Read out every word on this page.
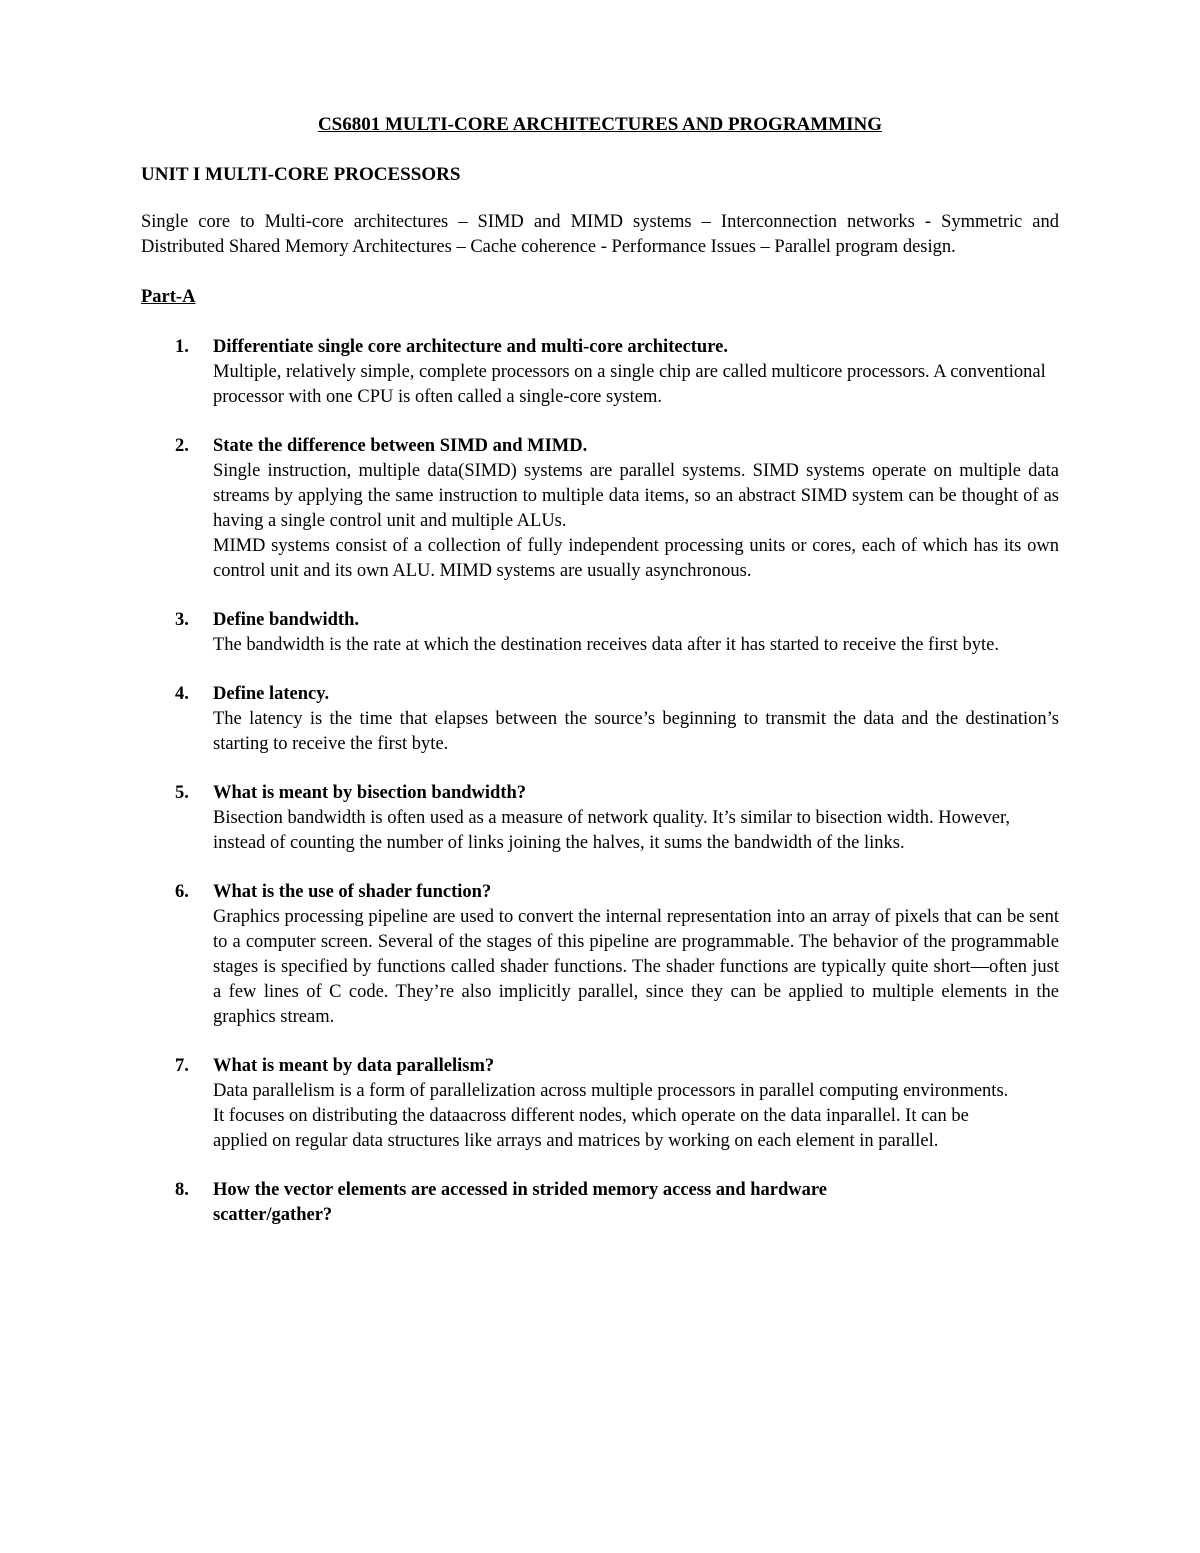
CS6801 MULTI-CORE ARCHITECTURES AND PROGRAMMING
UNIT I MULTI-CORE PROCESSORS

Single core to Multi-core architectures – SIMD and MIMD systems – Interconnection networks - Symmetric and Distributed Shared Memory Architectures – Cache coherence - Performance Issues – Parallel program design.

Part-A
1. Differentiate single core architecture and multi-core architecture.

Multiple, relatively simple, complete processors on a single chip are called multicore processors. A conventional processor with one CPU is often called a single-core system.

2. State the difference between SIMD and MIMD.

Single instruction, multiple data(SIMD) systems are parallel systems. SIMD systems operate on multiple data streams by applying the same instruction to multiple data items, so an abstract SIMD system can be thought of as having a single control unit and multiple ALUs.

MIMD systems consist of a collection of fully independent processing units or cores, each of which has its own control unit and its own ALU. MIMD systems are usually asynchronous.

3. Define bandwidth.

The bandwidth is the rate at which the destination receives data after it has started to receive the first byte.

4. Define latency.

The latency is the time that elapses between the source’s beginning to transmit the data and the destination’s starting to receive the first byte.

5. What is meant by bisection bandwidth?

Bisection bandwidth is often used as a measure of network quality. It’s similar to bisection width. However, instead of counting the number of links joining the halves, it sums the bandwidth of the links.

6. What is the use of shader function?

Graphics processing pipeline are used to convert the internal representation into an array of pixels that can be sent to a computer screen. Several of the stages of this pipeline are programmable. The behavior of the programmable stages is specified by functions called shader functions. The shader functions are typically quite short—often just a few lines of C code. They’re also implicitly parallel, since they can be applied to multiple elements in the graphics stream.

7. What is meant by data parallelism?

Data parallelism is a form of parallelization across multiple processors in parallel computing environments. It focuses on distributing the dataacross different nodes, which operate on the data inparallel. It can be applied on regular data structures like arrays and matrices by working on each element in parallel.

8. How the vector elements are accessed in strided memory access and hardware scatter/gather?
